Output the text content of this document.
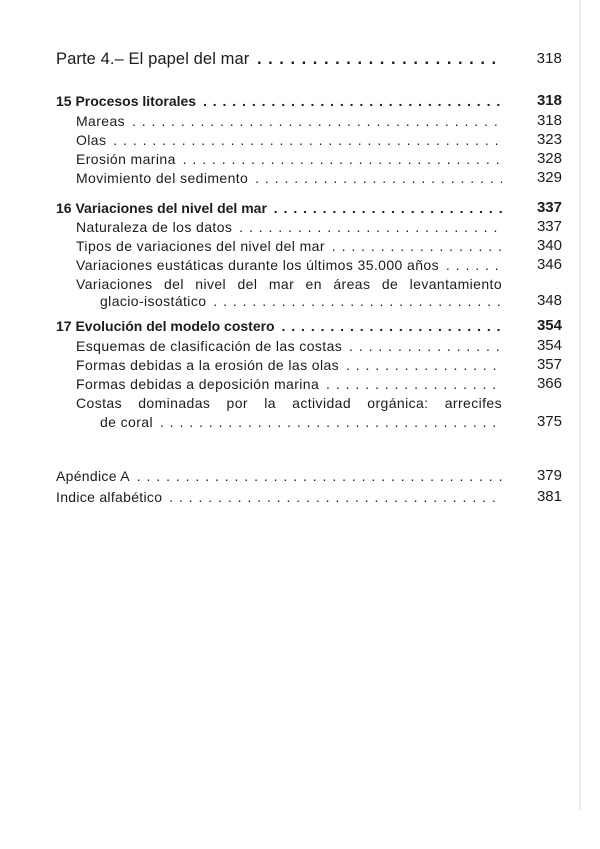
Parte 4.– El papel del mar . . .	318
15 Procesos litorales . . .	318
Mareas . . .	318
Olas . . .	323
Erosión marina . . .	328
Movimiento del sedimento . . .	329
16 Variaciones del nivel del mar . . .	337
Naturaleza de los datos . . .	337
Tipos de variaciones del nivel del mar . . .	340
Variaciones eustáticas durante los últimos 35.000 años . . .	346
Variaciones del nivel del mar en áreas de levantamiento
glacio-isostático . . .	348
17 Evolución del modelo costero . . .	354
Esquemas de clasificación de las costas . . .	354
Formas debidas a la erosión de las olas . . .	357
Formas debidas a deposición marina . . .	366
Costas dominadas por la actividad orgánica: arrecifes
de coral . . .	375
Apéndice A . . .	379
Indice alfabético . . .	381
